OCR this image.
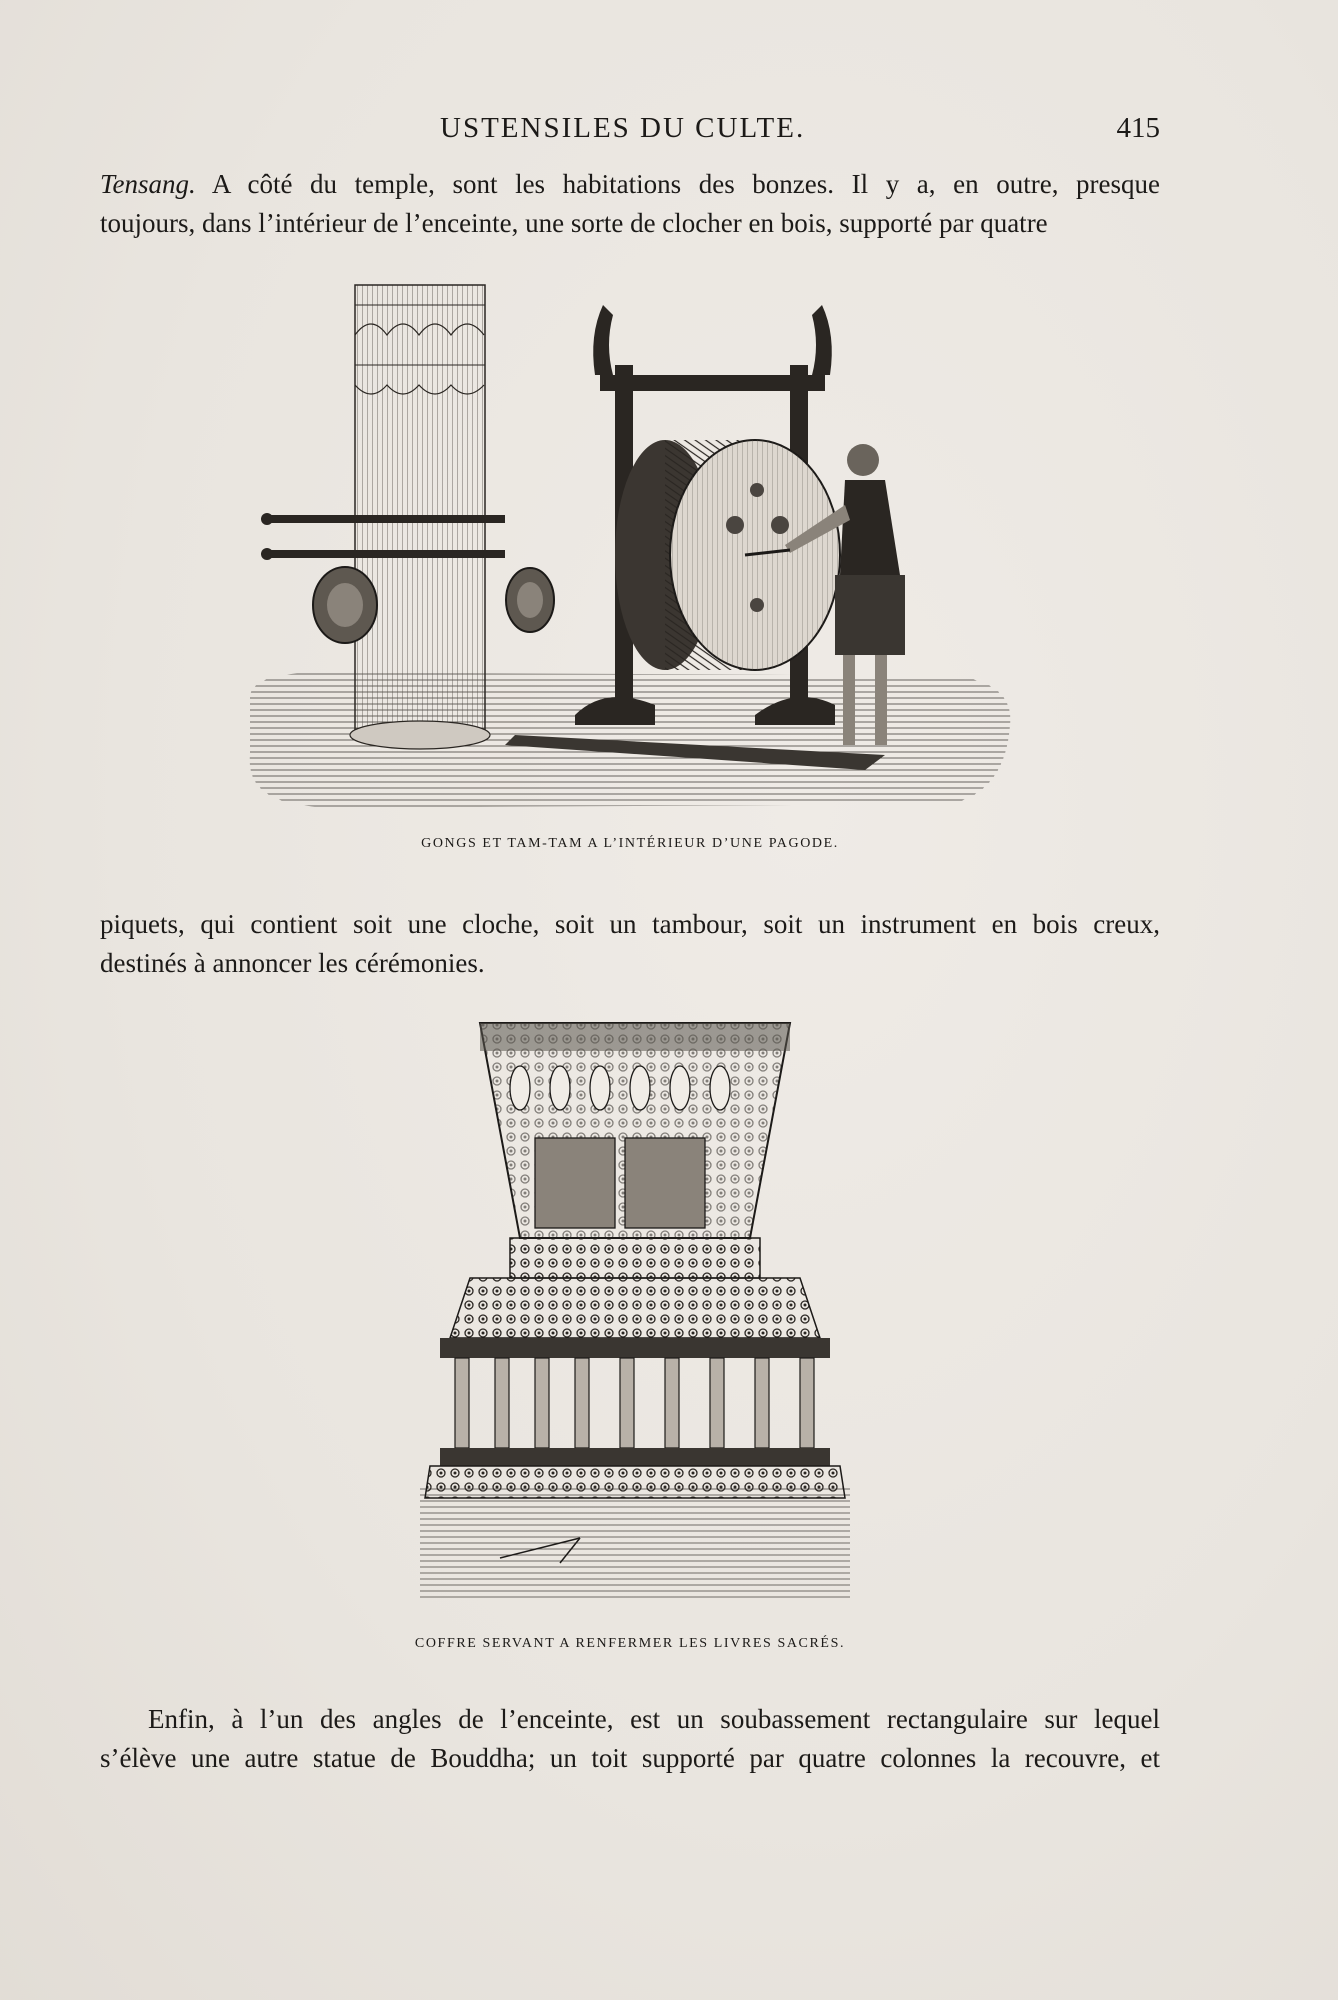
USTENSILES DU CULTE.	415
Tensang. A côté du temple, sont les habitations des bonzes. Il y a, en outre, presque
toujours, dans l’intérieur de l’enceinte, une sorte de clocher en bois, supporté par quatre
GONGS ET TAM-TAM A L’INTÉRIEUR D’UNE PAGODE.
piquets, qui contient soit une cloche, soit un tambour, soit un instrument en bois creux,
destinés à annoncer les cérémonies.
COFFRE SERVANT A RENFERMER LES LIVRES SACRÉS.
Enfin, à l’un des angles de l’enceinte, est un soubassement rectangulaire sur lequel
s’élève une autre statue de Bouddha; un toit supporté par quatre colonnes la recouvre, et
